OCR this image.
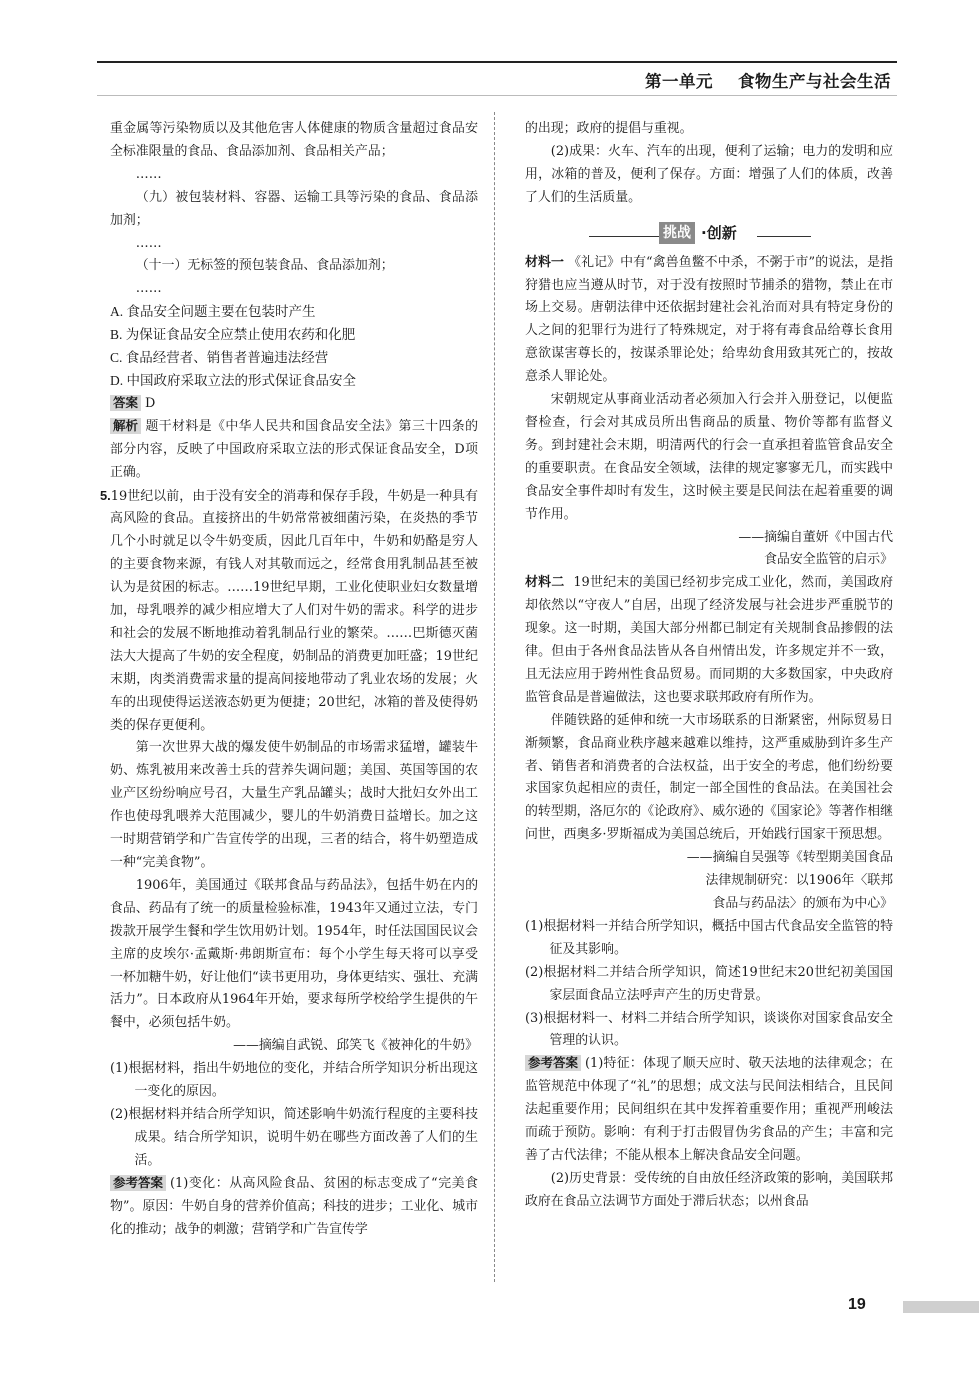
第一单元    食物生产与社会生活

重金属等污染物质以及其他危害人体健康的物质含量超过食品安全标准限量的食品、食品添加剂、食品相关产品；

……

（九）被包装材料、容器、运输工具等污染的食品、食品添加剂；

……

（十一）无标签的预包装食品、食品添加剂；

……

A. 食品安全问题主要在包装时产生

B. 为保证食品安全应禁止使用农药和化肥

C. 食品经营者、销售者普遍违法经营

D. 中国政府采取立法的形式保证食品安全

答案 D

解析 题干材料是《中华人民共和国食品安全法》第三十四条的部分内容，反映了中国政府采取立法的形式保证食品安全，D项正确。

5.19世纪以前，由于没有安全的消毒和保存手段，牛奶是一种具有高风险的食品。直接挤出的牛奶常常被细菌污染，在炎热的季节几个小时就足以令牛奶变质，因此几百年中，牛奶和奶酪是穷人的主要食物来源，有钱人对其敬而远之，经常食用乳制品甚至被认为是贫困的标志。……19世纪早期，工业化使职业妇女数量增加，母乳喂养的减少相应增大了人们对牛奶的需求。科学的进步和社会的发展不断地推动着乳制品行业的繁荣。……巴斯德灭菌法大大提高了牛奶的安全程度，奶制品的消费更加旺盛；19世纪末期，肉类消费需求量的提高间接地带动了乳业农场的发展；火车的出现使得运送液态奶更为便捷；20世纪，冰箱的普及使得奶类的保存更便利。

第一次世界大战的爆发使牛奶制品的市场需求猛增，罐装牛奶、炼乳被用来改善士兵的营养失调问题；美国、英国等国的农业产区纷纷响应号召，大量生产乳品罐头；战时大批妇女外出工作也使母乳喂养大范围减少，婴儿的牛奶消费日益增长。加之这一时期营销学和广告宣传学的出现，三者的结合，将牛奶塑造成一种“完美食物”。

1906年，美国通过《联邦食品与药品法》，包括牛奶在内的食品、药品有了统一的质量检验标准，1943年又通过立法，专门拨款开展学生餐和学生饮用奶计划。1954年，时任法国国民议会主席的皮埃尔·孟戴斯·弗朗斯宣布：每个小学生每天将可以享受一杯加糖牛奶，好让他们“读书更用功，身体更结实、强壮、充满活力”。日本政府从1964年开始，要求每所学校给学生提供的午餐中，必须包括牛奶。

——摘编自武锐、邱笑飞《被神化的牛奶》

(1)根据材料，指出牛奶地位的变化，并结合所学知识分析出现这一变化的原因。

(2)根据材料并结合所学知识，简述影响牛奶流行程度的主要科技成果。结合所学知识，说明牛奶在哪些方面改善了人们的生活。

参考答案 (1)变化：从高风险食品、贫困的标志变成了“完美食物”。原因：牛奶自身的营养价值高；科技的进步；工业化、城市化的推动；战争的刺激；营销学和广告宣传学

的出现；政府的提倡与重视。

(2)成果：火车、汽车的出现，便利了运输；电力的发明和应用，冰箱的普及，便利了保存。方面：增强了人们的体质，改善了人们的生活质量。

挑战 ·创新

材料一 《礼记》中有“禽兽鱼鳖不中杀，不粥于市”的说法，是指狩猎也应当遵从时节，对于没有按照时节捕杀的猎物，禁止在市场上交易。唐朝法律中还依据封建社会礼治而对具有特定身份的人之间的犯罪行为进行了特殊规定，对于将有毒食品给尊长食用意欲谋害尊长的，按谋杀罪论处；给卑幼食用致其死亡的，按故意杀人罪论处。

宋朝规定从事商业活动者必须加入行会并入册登记，以便监督检查，行会对其成员所出售商品的质量、物价等都有监督义务。到封建社会末期，明清两代的行会一直承担着监管食品安全的重要职责。在食品安全领域，法律的规定寥寥无几，而实践中食品安全事件却时有发生，这时候主要是民间法在起着重要的调节作用。

——摘编自董妍《中国古代

食品安全监管的启示》

材料二 19世纪末的美国已经初步完成工业化，然而，美国政府却依然以“守夜人”自居，出现了经济发展与社会进步严重脱节的现象。这一时期，美国大部分州都已制定有关规制食品掺假的法律。但由于各州食品法皆从各自州情出发，许多规定并不一致，且无法应用于跨州性食品贸易。而同期的大多数国家，中央政府监管食品是普遍做法，这也要求联邦政府有所作为。

伴随铁路的延伸和统一大市场联系的日渐紧密，州际贸易日渐频繁，食品商业秩序越来越难以维持，这严重威胁到许多生产者、销售者和消费者的合法权益，出于安全的考虑，他们纷纷要求国家负起相应的责任，制定一部全国性的食品法。在美国社会的转型期，洛厄尔的《论政府》、威尔逊的《国家论》等著作相继问世，西奥多·罗斯福成为美国总统后，开始践行国家干预思想。

——摘编自吴强等《转型期美国食品

法律规制研究：以1906年〈联邦

食品与药品法〉的颁布为中心》

(1)根据材料一并结合所学知识，概括中国古代食品安全监管的特征及其影响。

(2)根据材料二并结合所学知识，简述19世纪末20世纪初美国国家层面食品立法呼声产生的历史背景。

(3)根据材料一、材料二并结合所学知识，谈谈你对国家食品安全管理的认识。

参考答案 (1)特征：体现了顺天应时、敬天法地的法律观念；在监管规范中体现了“礼”的思想；成文法与民间法相结合，且民间法起重要作用；民间组织在其中发挥着重要作用；重视严刑峻法而疏于预防。影响：有利于打击假冒伪劣食品的产生；丰富和完善了古代法律；不能从根本上解决食品安全问题。

(2)历史背景：受传统的自由放任经济政策的影响，美国联邦政府在食品立法调节方面处于滞后状态；以州食品

19
